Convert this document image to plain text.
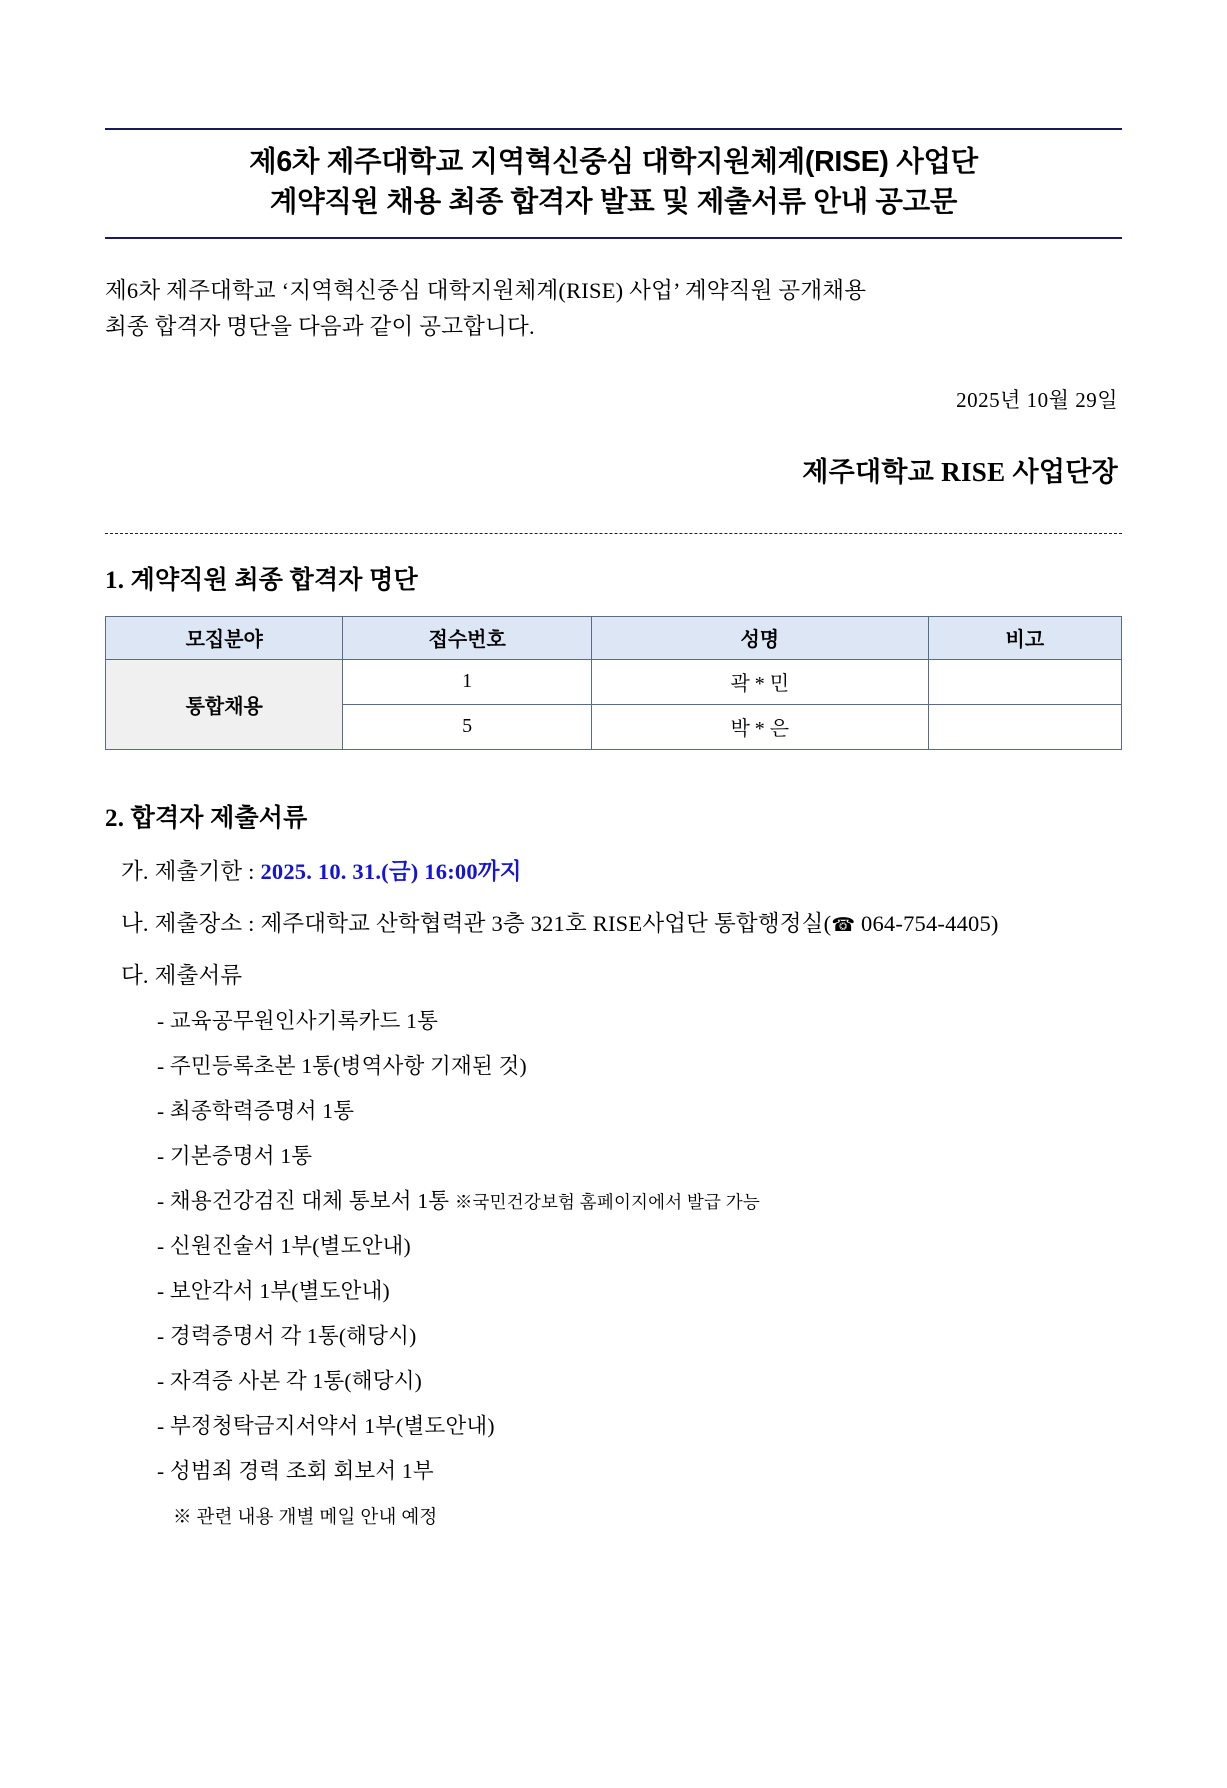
제6차 제주대학교 지역혁신중심 대학지원체계(RISE) 사업단
계약직원 채용 최종 합격자 발표 및 제출서류 안내 공고문
제6차 제주대학교 ‘지역혁신중심 대학지원체계(RISE) 사업’ 계약직원 공개채용
최종 합격자 명단을 다음과 같이 공고합니다.
2025년 10월 29일
제주대학교 RISE 사업단장
1. 계약직원 최종 합격자 명단
모집분야	접수번호	성명	비고
통합채용	1	곽 * 민	
	5	박 * 은	
2. 합격자 제출서류
가. 제출기한 : 2025. 10. 31.(금) 16:00까지
나. 제출장소 : 제주대학교 산학협력관 3층 321호 RISE사업단 통합행정실(☎ 064-754-4405)
다. 제출서류
- 교육공무원인사기록카드 1통
- 주민등록초본 1통(병역사항 기재된 것)
- 최종학력증명서 1통
- 기본증명서 1통
- 채용건강검진 대체 통보서 1통 ※국민건강보험 홈페이지에서 발급 가능
- 신원진술서 1부(별도안내)
- 보안각서 1부(별도안내)
- 경력증명서 각 1통(해당시)
- 자격증 사본 각 1통(해당시)
- 부정청탁금지서약서 1부(별도안내)
- 성범죄 경력 조회 회보서 1부
※ 관련 내용 개별 메일 안내 예정
